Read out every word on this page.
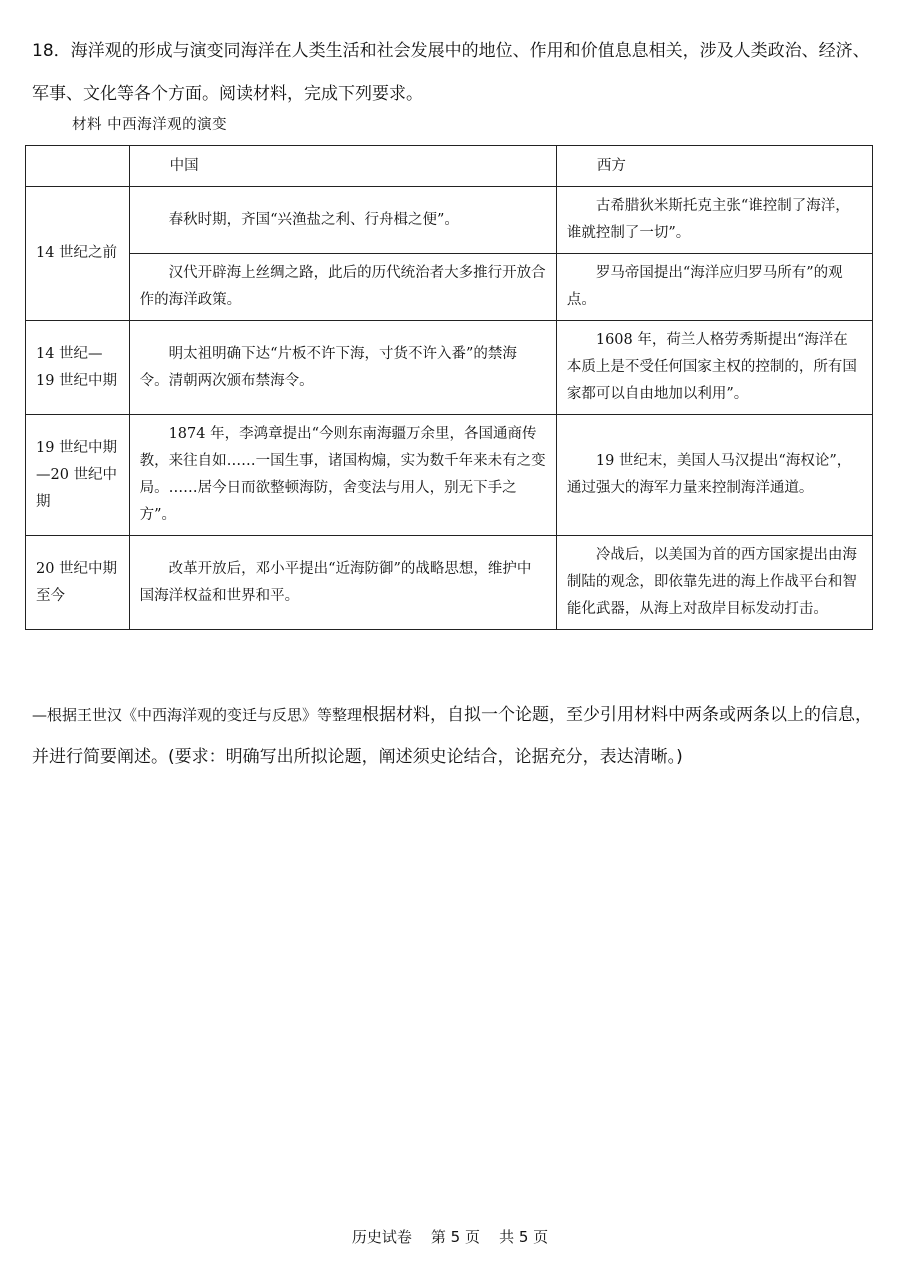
18．海洋观的形成与演变同海洋在人类生活和社会发展中的地位、作用和价值息息相关，涉及人类政治、经济、军事、文化等各个方面。阅读材料，完成下列要求。

材料 中西海洋观的演变
	中国	西方
14 世纪之前	春秋时期，齐国“兴渔盐之利、行舟楫之便”。	古希腊狄米斯托克主张“谁控制了海洋，谁就控制了一切”。

	汉代开辟海上丝绸之路，此后的历代统治者大多推行开放合作的海洋政策。	罗马帝国提出“海洋应归罗马所有”的观点。

14 世纪—19 世纪中期	明太祖明确下达“片板不许下海，寸货不许入番”的禁海令。清朝两次颁布禁海令。	1608 年，荷兰人格劳秀斯提出“海洋在本质上是不受任何国家主权的控制的，所有国家都可以自由地加以利用”。

19 世纪中期—20 世纪中期	1874 年，李鸿章提出“今则东南海疆万余里，各国通商传教，来往自如……一国生事，诸国构煽，实为数千年来未有之变局。……居今日而欲整顿海防，舍变法与用人，别无下手之方”。	19 世纪末，美国人马汉提出“海权论”，通过强大的海军力量来控制海洋通道。

20 世纪中期至今	改革开放后，邓小平提出“近海防御”的战略思想，维护中国海洋权益和世界和平。	冷战后，以美国为首的西方国家提出由海制陆的观念，即依靠先进的海上作战平台和智能化武器，从海上对敌岸目标发动打击。

—根据王世汉《中西海洋观的变迁与反思》等整理根据材料，自拟一个论题，至少引用材料中两条或两条以上的信息，并进行简要阐述。(要求：明确写出所拟论题，阐述须史论结合，论据充分，表达清晰。)

历史试卷 第 5 页 共 5 页
